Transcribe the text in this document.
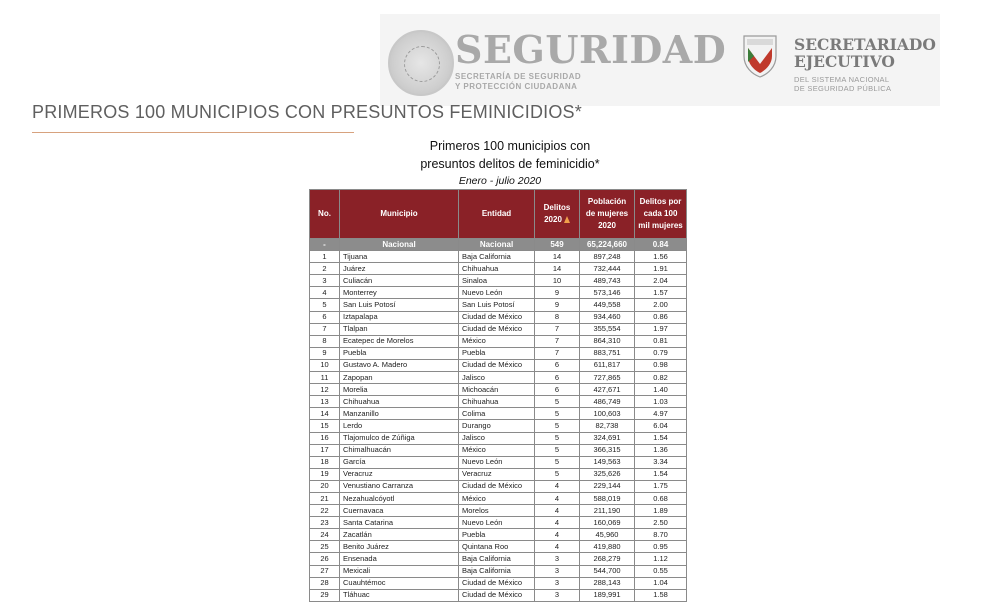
SEGURIDAD
SECRETARÍA DE SEGURIDAD
Y PROTECCIÓN CIUDADANA
SECRETARIADO
EJECUTIVO
DEL SISTEMA NACIONAL
DE SEGURIDAD PÚBLICA
PRIMEROS 100 MUNICIPIOS CON PRESUNTOS FEMINICIDIOS*
Primeros 100 municipios con
presuntos delitos de feminicidio*
Enero - julio 2020
No.	Municipio	Entidad	Delitos 2020	Población de mujeres 2020	Delitos por cada 100 mil mujeres
-	Nacional	Nacional	549	65,224,660	0.84
1	Tijuana	Baja California	14	897,248	1.56
2	Juárez	Chihuahua	14	732,444	1.91
3	Culiacán	Sinaloa	10	489,743	2.04
4	Monterrey	Nuevo León	9	573,146	1.57
5	San Luis Potosí	San Luis Potosí	9	449,558	2.00
6	Iztapalapa	Ciudad de México	8	934,460	0.86
7	Tlalpan	Ciudad de México	7	355,554	1.97
8	Ecatepec de Morelos	México	7	864,310	0.81
9	Puebla	Puebla	7	883,751	0.79
10	Gustavo A. Madero	Ciudad de México	6	611,817	0.98
11	Zapopan	Jalisco	6	727,865	0.82
12	Morelia	Michoacán	6	427,671	1.40
13	Chihuahua	Chihuahua	5	486,749	1.03
14	Manzanillo	Colima	5	100,603	4.97
15	Lerdo	Durango	5	82,738	6.04
16	Tlajomulco de Zúñiga	Jalisco	5	324,691	1.54
17	Chimalhuacán	México	5	366,315	1.36
18	García	Nuevo León	5	149,563	3.34
19	Veracruz	Veracruz	5	325,626	1.54
20	Venustiano Carranza	Ciudad de México	4	229,144	1.75
21	Nezahualcóyotl	México	4	588,019	0.68
22	Cuernavaca	Morelos	4	211,190	1.89
23	Santa Catarina	Nuevo León	4	160,069	2.50
24	Zacatlán	Puebla	4	45,960	8.70
25	Benito Juárez	Quintana Roo	4	419,880	0.95
26	Ensenada	Baja California	3	268,279	1.12
27	Mexicali	Baja California	3	544,700	0.55
28	Cuauhtémoc	Ciudad de México	3	288,143	1.04
29	Tláhuac	Ciudad de México	3	189,991	1.58
